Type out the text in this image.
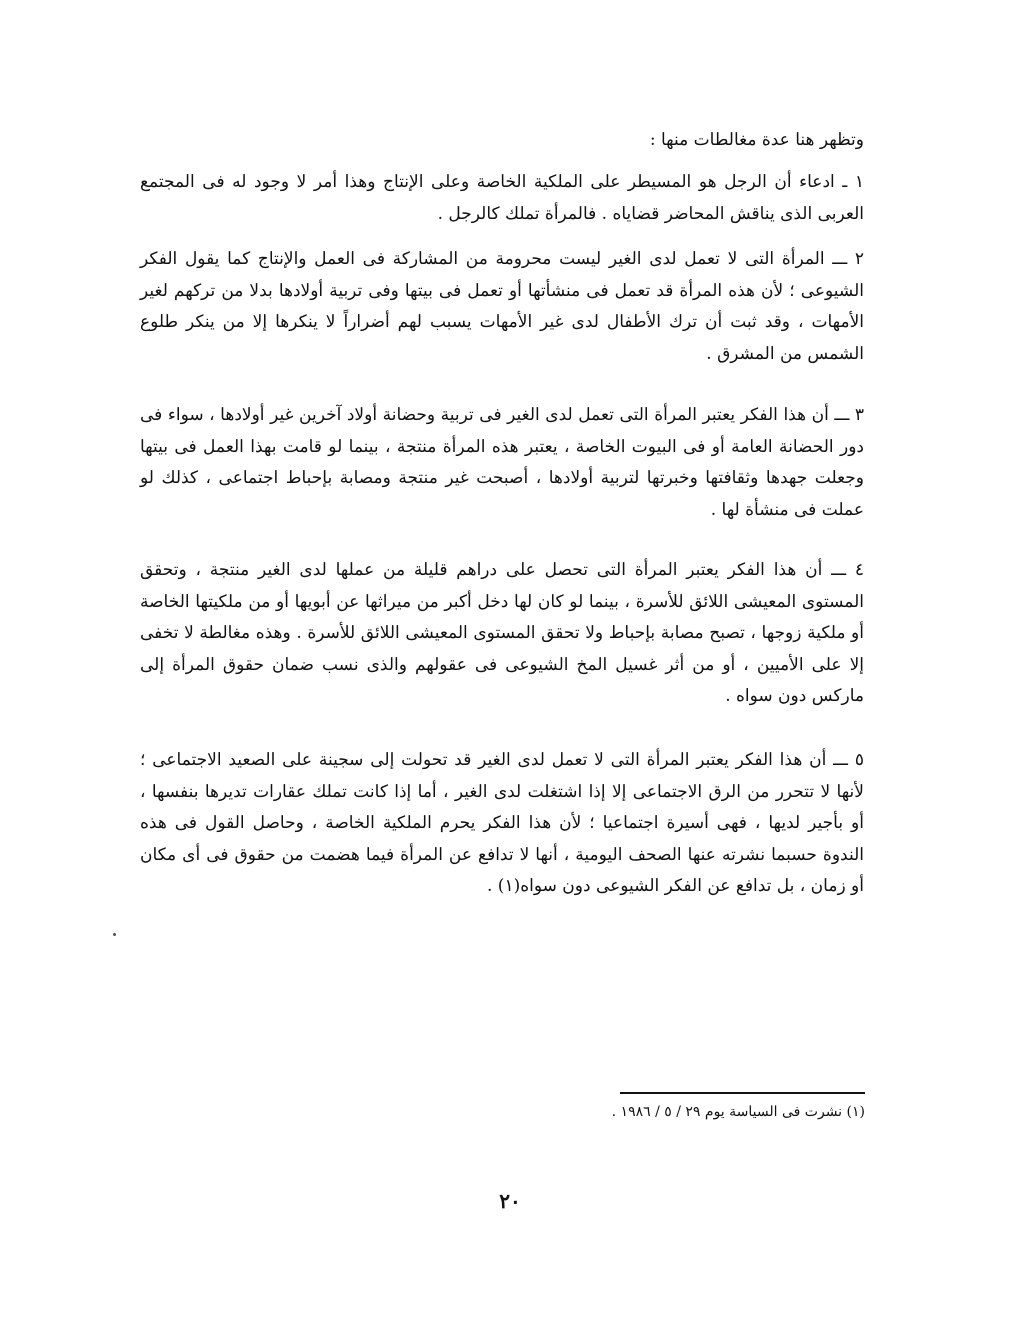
وتظهر هنا عدة مغالطات منها :
١ ـ ادعاء أن الرجل هو المسيطر على الملكية الخاصة وعلى الإنتاج وهذا أمر لا وجود له فى المجتمع العربى الذى يناقش المحاضر قضاياه . فالمرأة تملك كالرجل .
٢ ـــ المرأة التى لا تعمل لدى الغير ليست محرومة من المشاركة فى العمل والإنتاج كما يقول الفكر الشيوعى ؛ لأن هذه المرأة قد تعمل فى منشأتها أو تعمل فى بيتها وفى تربية أولادها بدلا من تركهم لغير الأمهات ، وقد ثبت أن ترك الأطفال لدى غير الأمهات يسبب لهم أضراراً لا ينكرها إلا من ينكر طلوع الشمس من المشرق .
٣ ـــ أن هذا الفكر يعتبر المرأة التى تعمل لدى الغير فى تربية وحضانة أولاد آخرين غير أولادها ، سواء فى دور الحضانة العامة أو فى البيوت الخاصة ، يعتبر هذه المرأة منتجة ، بينما لو قامت بهذا العمل فى بيتها وجعلت جهدها وثقافتها وخبرتها لتربية أولادها ، أصبحت غير منتجة ومصابة بإحباط اجتماعى ، كذلك لو عملت فى منشأة لها .
٤ ـــ أن هذا الفكر يعتبر المرأة التى تحصل على دراهم قليلة من عملها لدى الغير منتجة ، وتحقق المستوى المعيشى اللائق للأسرة ، بينما لو كان لها دخل أكبر من ميراثها عن أبويها أو من ملكيتها الخاصة أو ملكية زوجها ، تصبح مصابة بإحباط ولا تحقق المستوى المعيشى اللائق للأسرة . وهذه مغالطة لا تخفى إلا على الأميين ، أو من أثر غسيل المخ الشيوعى فى عقولهم والذى نسب ضمان حقوق المرأة إلى ماركس دون سواه .
٥ ـــ أن هذا الفكر يعتبر المرأة التى لا تعمل لدى الغير قد تحولت إلى سجينة على الصعيد الاجتماعى ؛ لأنها لا تتحرر من الرق الاجتماعى إلا إذا اشتغلت لدى الغير ، أما إذا كانت تملك عقارات تديرها بنفسها ، أو بأجير لديها ، فهى أسيرة اجتماعيا ؛ لأن هذا الفكر يحرم الملكية الخاصة ، وحاصل القول فى هذه الندوة حسبما نشرته عنها الصحف اليومية ، أنها لا تدافع عن المرأة فيما هضمت من حقوق فى أى مكان أو زمان ، بل تدافع عن الفكر الشيوعى دون سواه(١) .
(١) نشرت فى السياسة يوم ٢٩ / ٥ / ١٩٨٦ .
٢٠
